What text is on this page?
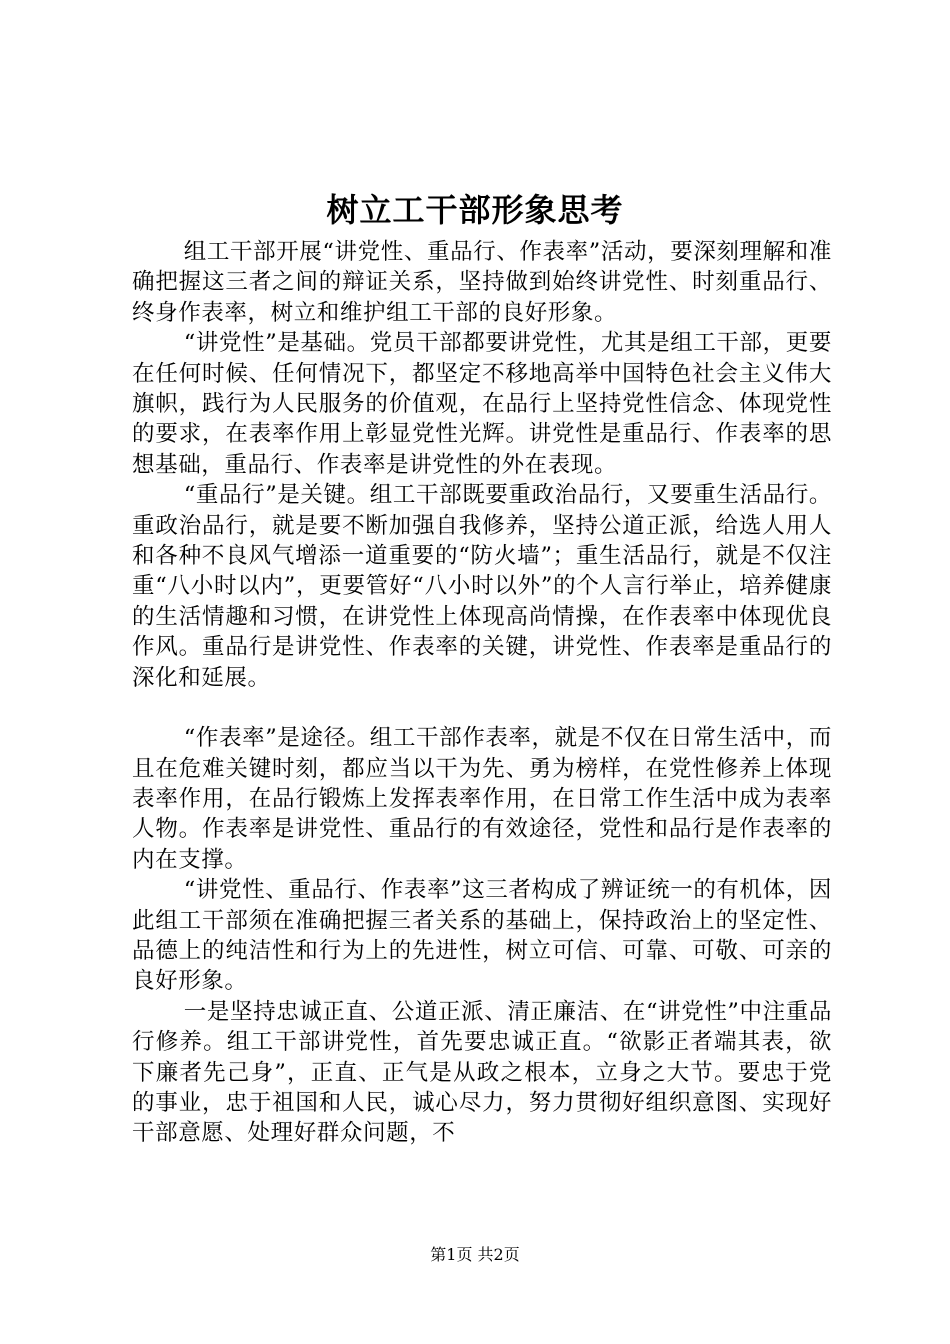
树立工干部形象思考

组工干部开展“讲党性、重品行、作表率”活动，要深刻理解和准确把握这三者之间的辩证关系，坚持做到始终讲党性、时刻重品行、终身作表率，树立和维护组工干部的良好形象。

“讲党性”是基础。党员干部都要讲党性，尤其是组工干部，更要在任何时候、任何情况下，都坚定不移地高举中国特色社会主义伟大旗帜，践行为人民服务的价值观，在品行上坚持党性信念、体现党性的要求，在表率作用上彰显党性光辉。讲党性是重品行、作表率的思想基础，重品行、作表率是讲党性的外在表现。

“重品行”是关键。组工干部既要重政治品行，又要重生活品行。重政治品行，就是要不断加强自我修养，坚持公道正派，给选人用人和各种不良风气增添一道重要的“防火墙”；重生活品行，就是不仅注重“八小时以内”，更要管好“八小时以外”的个人言行举止，培养健康的生活情趣和习惯，在讲党性上体现高尚情操，在作表率中体现优良作风。重品行是讲党性、作表率的关键，讲党性、作表率是重品行的深化和延展。

“作表率”是途径。组工干部作表率，就是不仅在日常生活中，而且在危难关键时刻，都应当以干为先、勇为榜样，在党性修养上体现表率作用，在品行锻炼上发挥表率作用，在日常工作生活中成为表率人物。作表率是讲党性、重品行的有效途径，党性和品行是作表率的内在支撑。

“讲党性、重品行、作表率”这三者构成了辨证统一的有机体，因此组工干部须在准确把握三者关系的基础上，保持政治上的坚定性、品德上的纯洁性和行为上的先进性，树立可信、可靠、可敬、可亲的良好形象。

一是坚持忠诚正直、公道正派、清正廉洁、在“讲党性”中注重品行修养。组工干部讲党性，首先要忠诚正直。“欲影正者端其表，欲下廉者先己身”，正直、正气是从政之根本，立身之大节。要忠于党的事业，忠于祖国和人民，诚心尽力，努力贯彻好组织意图、实现好干部意愿、处理好群众问题，不

第1页 共2页
